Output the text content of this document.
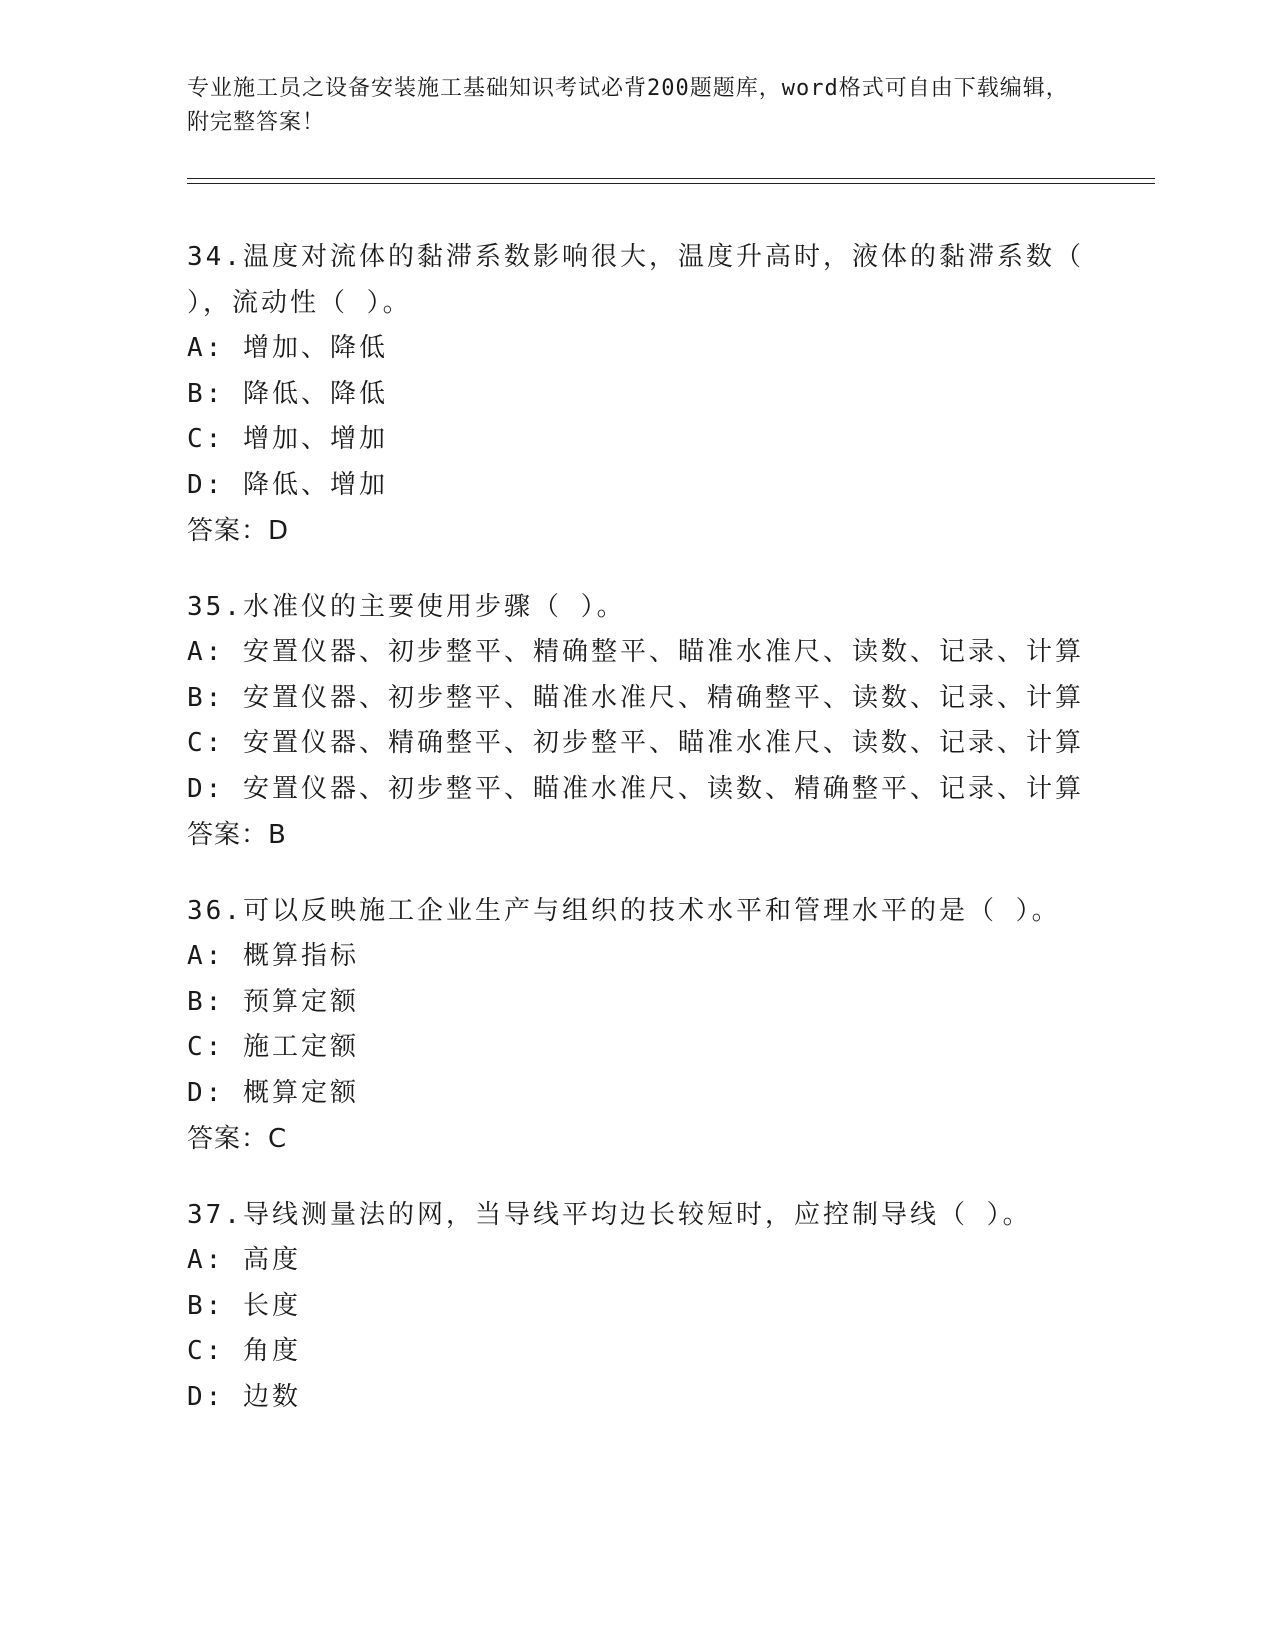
专业施工员之设备安装施工基础知识考试必背200题题库，word格式可自由下载编辑，附完整答案！
34.温度对流体的黏滞系数影响很大，温度升高时，液体的黏滞系数（ ），流动性（ ）。
A: 增加、降低
B: 降低、降低
C: 增加、增加
D: 降低、增加
答案：D
35.水准仪的主要使用步骤（ ）。
A: 安置仪器、初步整平、精确整平、瞄准水准尺、读数、记录、计算
B: 安置仪器、初步整平、瞄准水准尺、精确整平、读数、记录、计算
C: 安置仪器、精确整平、初步整平、瞄准水准尺、读数、记录、计算
D: 安置仪器、初步整平、瞄准水准尺、读数、精确整平、记录、计算
答案：B
36.可以反映施工企业生产与组织的技术水平和管理水平的是（ ）。
A: 概算指标
B: 预算定额
C: 施工定额
D: 概算定额
答案：C
37.导线测量法的网，当导线平均边长较短时，应控制导线（ ）。
A: 高度
B: 长度
C: 角度
D: 边数
